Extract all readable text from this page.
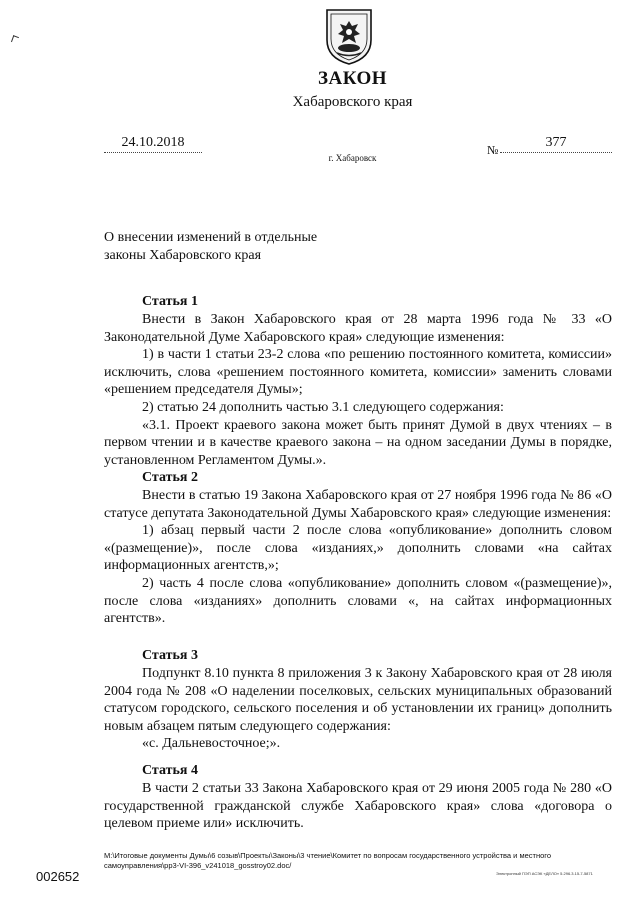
ЗАКОН
Хабаровского края
24.10.2018	№	377
г. Хабаровск
О внесении изменений в отдельные
законы Хабаровского края
Статья 1

Внести в Закон Хабаровского края от 28 марта 1996 года № 33 «О Законодательной Думе Хабаровского края» следующие изменения:

1) в части 1 статьи 23-2 слова «по решению постоянного комитета, комиссии» исключить, слова «решением постоянного комитета, комиссии» заменить словами «решением председателя Думы»;

2) статью 24 дополнить частью 3.1 следующего содержания:

«3.1. Проект краевого закона может быть принят Думой в двух чтениях – в первом чтении и в качестве краевого закона – на одном заседании Думы в порядке, установленном Регламентом Думы.».

Статья 2

Внести в статью 19 Закона Хабаровского края от 27 ноября 1996 года № 86 «О статусе депутата Законодательной Думы Хабаровского края» следующие изменения:

1) абзац первый части 2 после слова «опубликование» дополнить словом «(размещение)», после слова «изданиях,» дополнить словами «на сайтах информационных агентств,»;

2) часть 4 после слова «опубликование» дополнить словом «(размещение)», после слова «изданиях» дополнить словами «, на сайтах информационных агентств».

Статья 3

Подпункт 8.10 пункта 8 приложения 3 к Закону Хабаровского края от 28 июля 2004 года № 208 «О наделении поселковых, сельских муниципальных образований статусом городского, сельского поселения и об установлении их границ» дополнить новым абзацем пятым следующего содержания:

«с. Дальневосточное;».

Статья 4

В части 2 статьи 33 Закона Хабаровского края от 29 июня 2005 года № 280 «О государственной гражданской службе Хабаровского края» слова «договора о целевом приеме или» исключить.

М:\Итоговые документы Думы\6 созыв\Проекты\Законы\3 чтение\Комитет по вопросам государственного устройства и местного самоуправления\pp3-VI-396_v241018_gosstroy02.doc/
Электронный ПЭП АСЭК «ДЕЛО» 5.296.3.15-7-5871
002652
